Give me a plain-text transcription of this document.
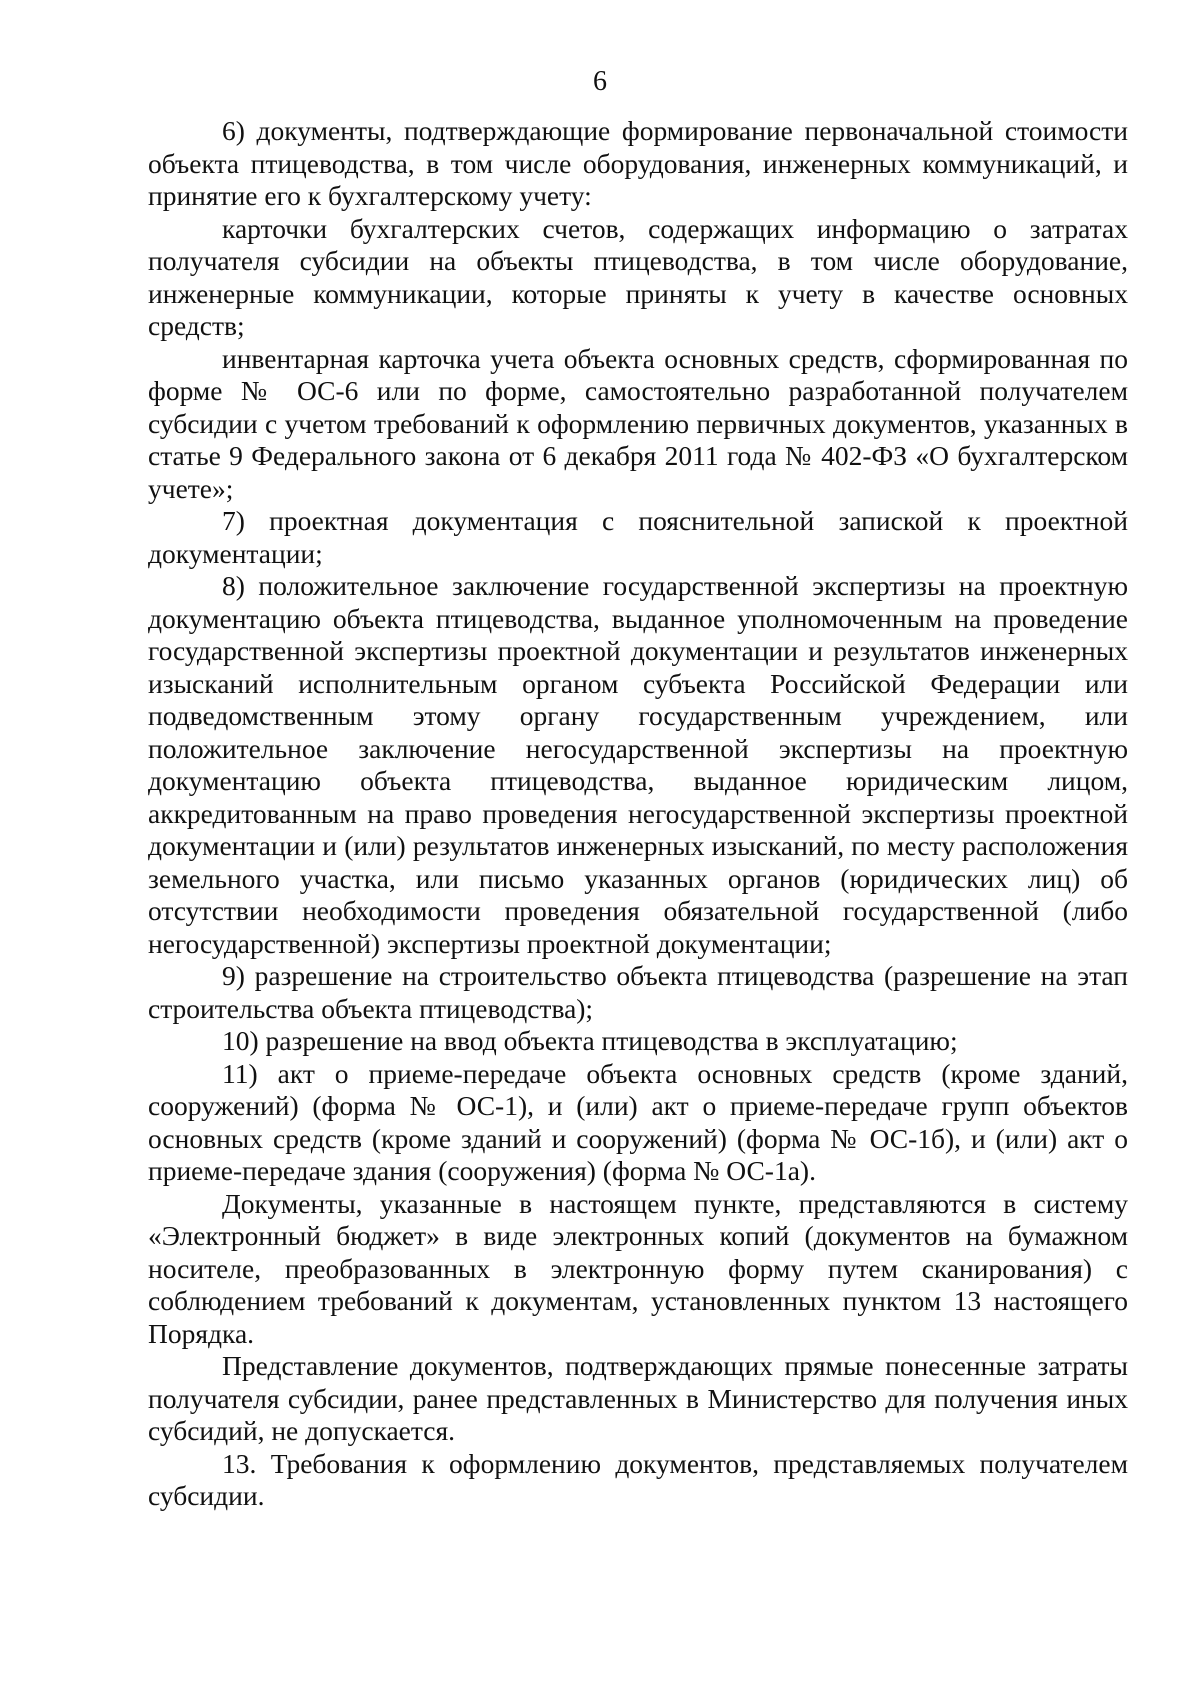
6

6) документы, подтверждающие формирование первоначальной стоимости объекта птицеводства, в том числе оборудования, инженерных коммуникаций, и принятие его к бухгалтерскому учету:

карточки бухгалтерских счетов, содержащих информацию о затратах получателя субсидии на объекты птицеводства, в том числе оборудование, инженерные коммуникации, которые приняты к учету в качестве основных средств;

инвентарная карточка учета объекта основных средств, сформированная по форме № ОС-6 или по форме, самостоятельно разработанной получателем субсидии с учетом требований к оформлению первичных документов, указанных в статье 9 Федерального закона от 6 декабря 2011 года № 402-ФЗ «О бухгалтерском учете»;

7) проектная документация с пояснительной запиской к проектной документации;

8) положительное заключение государственной экспертизы на проектную документацию объекта птицеводства, выданное уполномоченным на проведение государственной экспертизы проектной документации и результатов инженерных изысканий исполнительным органом субъекта Российской Федерации или подведомственным этому органу государственным учреждением, или положительное заключение негосударственной экспертизы на проектную документацию объекта птицеводства, выданное юридическим лицом, аккредитованным на право проведения негосударственной экспертизы проектной документации и (или) результатов инженерных изысканий, по месту расположения земельного участка, или письмо указанных органов (юридических лиц) об отсутствии необходимости проведения обязательной государственной (либо негосударственной) экспертизы проектной документации;

9) разрешение на строительство объекта птицеводства (разрешение на этап строительства объекта птицеводства);

10) разрешение на ввод объекта птицеводства в эксплуатацию;

11) акт о приеме-передаче объекта основных средств (кроме зданий, сооружений) (форма № ОС-1), и (или) акт о приеме-передаче групп объектов основных средств (кроме зданий и сооружений) (форма № ОС-1б), и (или) акт о приеме-передаче здания (сооружения) (форма № ОС-1а).

Документы, указанные в настоящем пункте, представляются в систему «Электронный бюджет» в виде электронных копий (документов на бумажном носителе, преобразованных в электронную форму путем сканирования) с соблюдением требований к документам, установленных пунктом 13 настоящего Порядка.

Представление документов, подтверждающих прямые понесенные затраты получателя субсидии, ранее представленных в Министерство для получения иных субсидий, не допускается.

13. Требования к оформлению документов, представляемых получателем субсидии.
